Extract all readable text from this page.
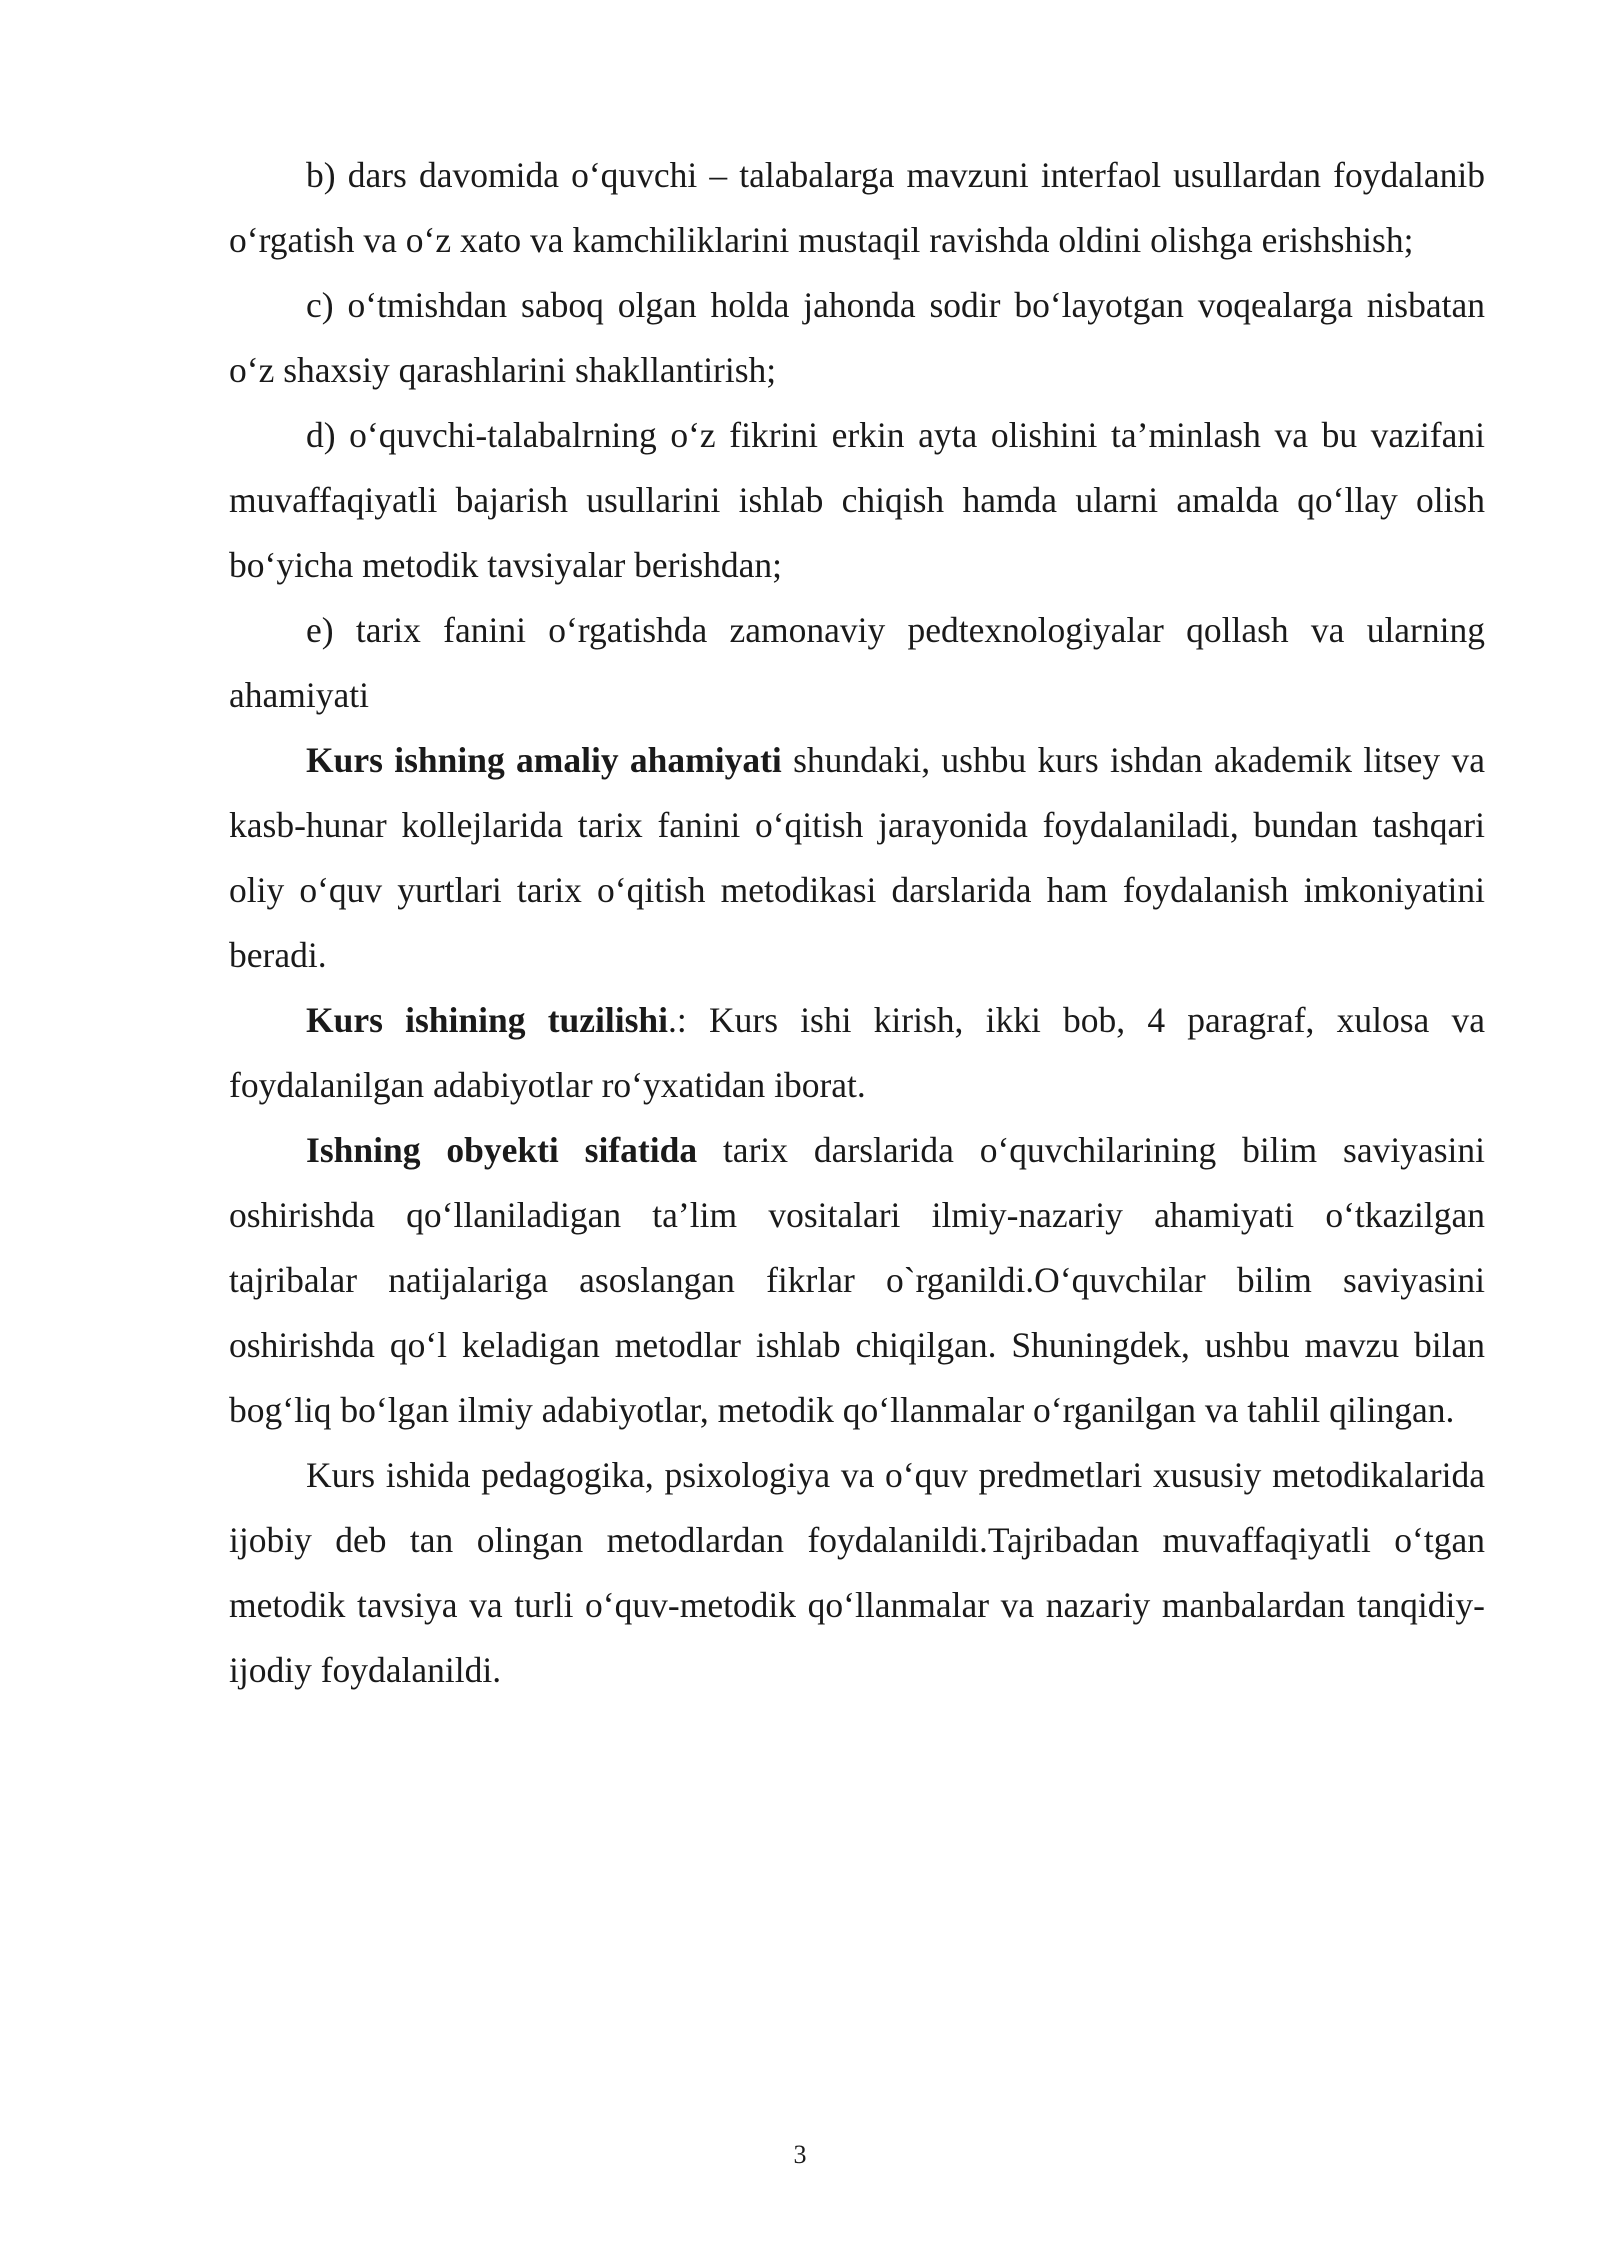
b) dars davomida o‘quvchi – talabalarga mavzuni interfaol usullardan foydalanib o‘rgatish va o‘z xato va kamchiliklarini mustaqil ravishda oldini olishga erishshish;

c) o‘tmishdan saboq olgan holda jahonda sodir bo‘layotgan voqealarga nisbatan o‘z shaxsiy qarashlarini shakllantirish;

d) o‘quvchi-talabalrning o‘z fikrini erkin ayta olishini ta’minlash va bu vazifani muvaffaqiyatli bajarish usullarini ishlab chiqish hamda ularni amalda qo‘llay olish bo‘yicha metodik tavsiyalar berishdan;

e) tarix fanini o‘rgatishda zamonaviy pedtexnologiyalar qollash va ularning ahamiyati

Kurs ishning amaliy ahamiyati shundaki, ushbu kurs ishdan akademik litsey va kasb-hunar kollejlarida tarix fanini o‘qitish jarayonida foydalaniladi, bundan tashqari oliy o‘quv yurtlari tarix o‘qitish metodikasi darslarida ham foydalanish imkoniyatini beradi.

Kurs ishining tuzilishi.: Kurs ishi kirish, ikki bob, 4 paragraf, xulosa va foydalanilgan adabiyotlar ro‘yxatidan iborat.

Ishning obyekti sifatida tarix darslarida o‘quvchilarining bilim saviyasini oshirishda qo‘llaniladigan ta’lim vositalari ilmiy-nazariy ahamiyati o‘tkazilgan tajribalar natijalariga asoslangan fikrlar o`rganildi.O‘quvchilar bilim saviyasini oshirishda qo‘l keladigan metodlar ishlab chiqilgan. Shuningdek, ushbu mavzu bilan bog‘liq bo‘lgan ilmiy adabiyotlar, metodik qo‘llanmalar o‘rganilgan va tahlil qilingan.

Kurs ishida pedagogika, psixologiya va o‘quv predmetlari xususiy metodikalarida ijobiy deb tan olingan metodlardan foydalanildi.Tajribadan muvaffaqiyatli o‘tgan metodik tavsiya va turli o‘quv-metodik qo‘llanmalar va nazariy manbalardan tanqidiy-ijodiy foydalanildi.

3
